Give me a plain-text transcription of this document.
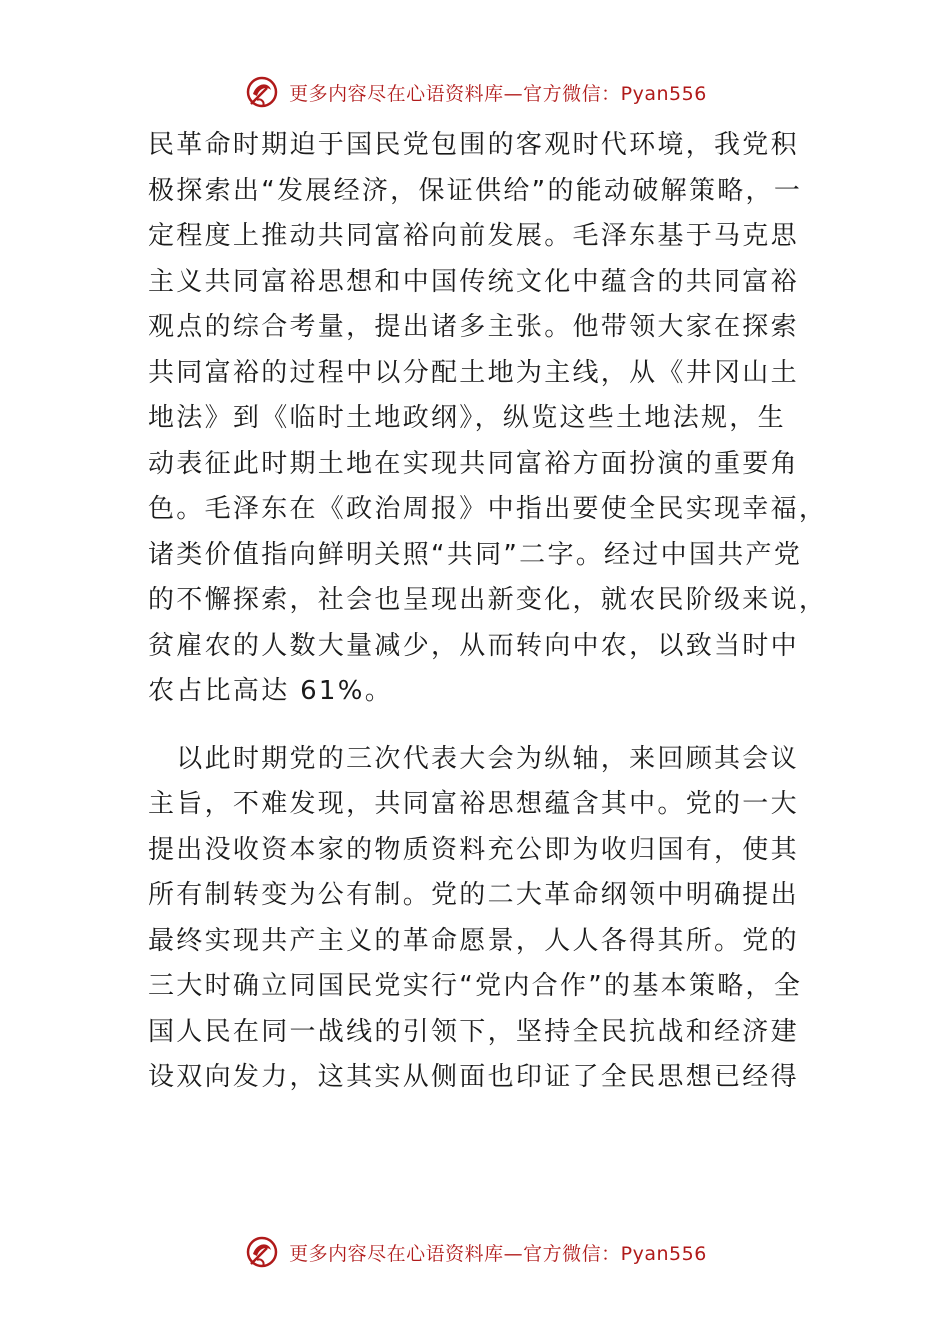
更多内容尽在心语资料库—官方微信：Pyan556
民革命时期迫于国民党包围的客观时代环境，我党积
极探索出“发展经济，保证供给”的能动破解策略，一
定程度上推动共同富裕向前发展。毛泽东基于马克思
主义共同富裕思想和中国传统文化中蕴含的共同富裕
观点的综合考量，提出诸多主张。他带领大家在探索
共同富裕的过程中以分配土地为主线，从《井冈山土
地法》到《临时土地政纲》，纵览这些土地法规，生
动表征此时期土地在实现共同富裕方面扮演的重要角
色。毛泽东在《政治周报》中指出要使全民实现幸福，
诸类价值指向鲜明关照“共同”二字。经过中国共产党
的不懈探索，社会也呈现出新变化，就农民阶级来说，
贫雇农的人数大量减少，从而转向中农，以致当时中
农占比高达 61%。
　以此时期党的三次代表大会为纵轴，来回顾其会议
主旨，不难发现，共同富裕思想蕴含其中。党的一大
提出没收资本家的物质资料充公即为收归国有，使其
所有制转变为公有制。党的二大革命纲领中明确提出
最终实现共产主义的革命愿景，人人各得其所。党的
三大时确立同国民党实行“党内合作”的基本策略，全
国人民在同一战线的引领下，坚持全民抗战和经济建
设双向发力，这其实从侧面也印证了全民思想已经得
更多内容尽在心语资料库—官方微信：Pyan556
